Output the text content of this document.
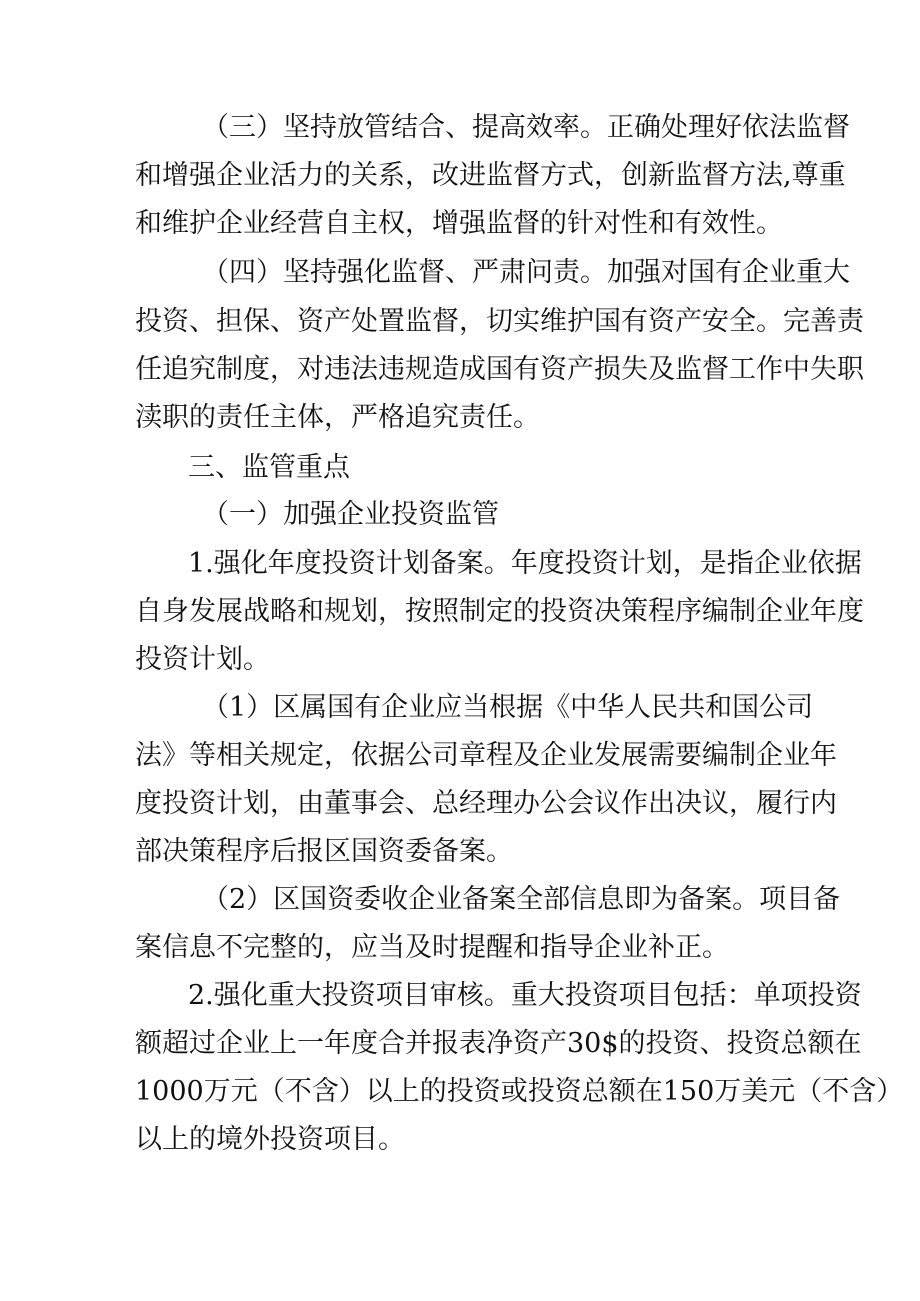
（三）坚持放管结合、提高效率。正确处理好依法监督

和增强企业活力的关系，改进监督方式，创新监督方法,尊重

和维护企业经营自主权，增强监督的针对性和有效性。

（四）坚持强化监督、严肃问责。加强对国有企业重大

投资、担保、资产处置监督，切实维护国有资产安全。完善责

任追究制度，对违法违规造成国有资产损失及监督工作中失职

渎职的责任主体，严格追究责任。

三、监管重点

（一）加强企业投资监管

1.强化年度投资计划备案。年度投资计划，是指企业依据

自身发展战略和规划，按照制定的投资决策程序编制企业年度

投资计划。

（1）区属国有企业应当根据《中华人民共和国公司

法》等相关规定，依据公司章程及企业发展需要编制企业年

度投资计划，由董事会、总经理办公会议作出决议，履行内

部决策程序后报区国资委备案。

（2）区国资委收企业备案全部信息即为备案。项目备

案信息不完整的，应当及时提醒和指导企业补正。

2.强化重大投资项目审核。重大投资项目包括：单项投资

额超过企业上一年度合并报表净资产30$的投资、投资总额在

1000万元（不含）以上的投资或投资总额在150万美元（不含）

以上的境外投资项目。
